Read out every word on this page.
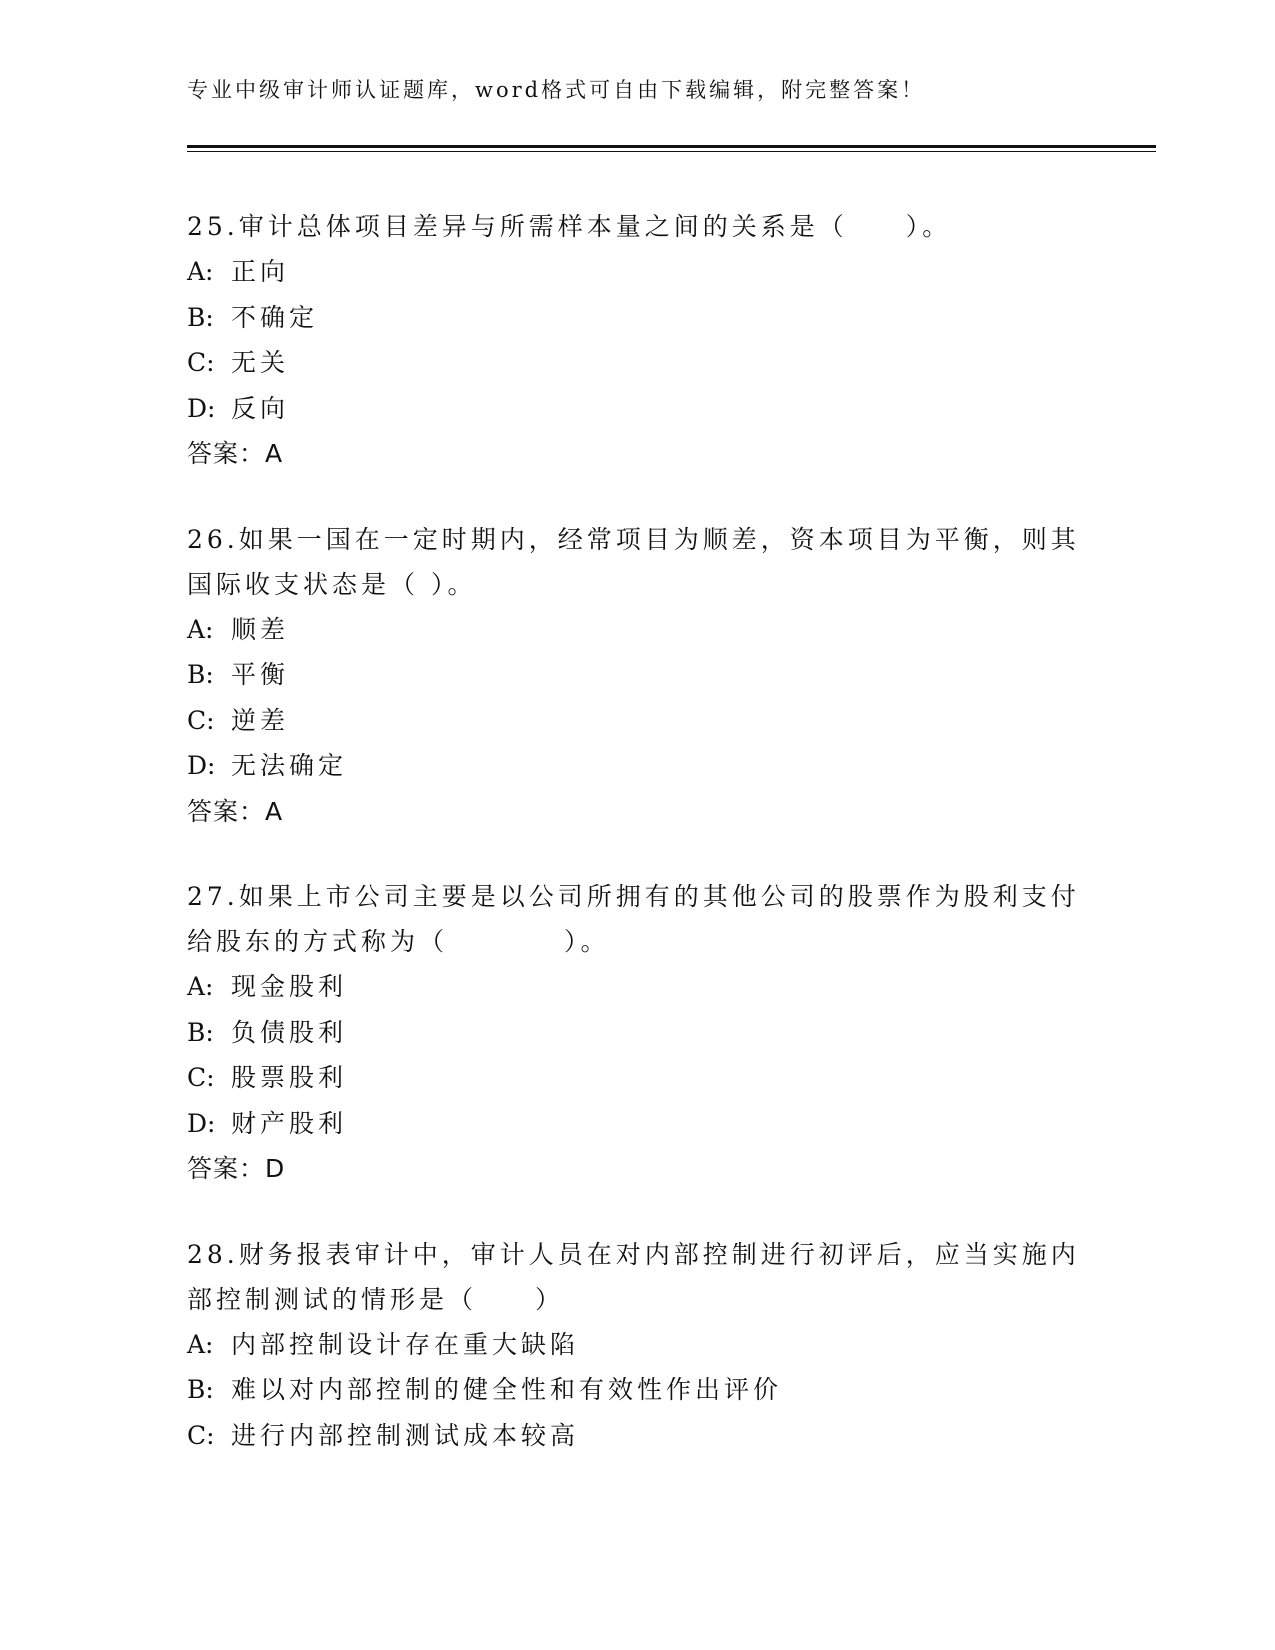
专业中级审计师认证题库，word格式可自由下载编辑，附完整答案！
25.审计总体项目差异与所需样本量之间的关系是（　　）。
A: 正向
B: 不确定
C: 无关
D: 反向
答案：A
26.如果一国在一定时期内，经常项目为顺差，资本项目为平衡，则其国际收支状态是（ ）。
A: 顺差
B: 平衡
C: 逆差
D: 无法确定
答案：A
27.如果上市公司主要是以公司所拥有的其他公司的股票作为股利支付给股东的方式称为（　　　　）。
A: 现金股利
B: 负债股利
C: 股票股利
D: 财产股利
答案：D
28.财务报表审计中，审计人员在对内部控制进行初评后，应当实施内部控制测试的情形是（　　）
A: 内部控制设计存在重大缺陷
B: 难以对内部控制的健全性和有效性作出评价
C: 进行内部控制测试成本较高
